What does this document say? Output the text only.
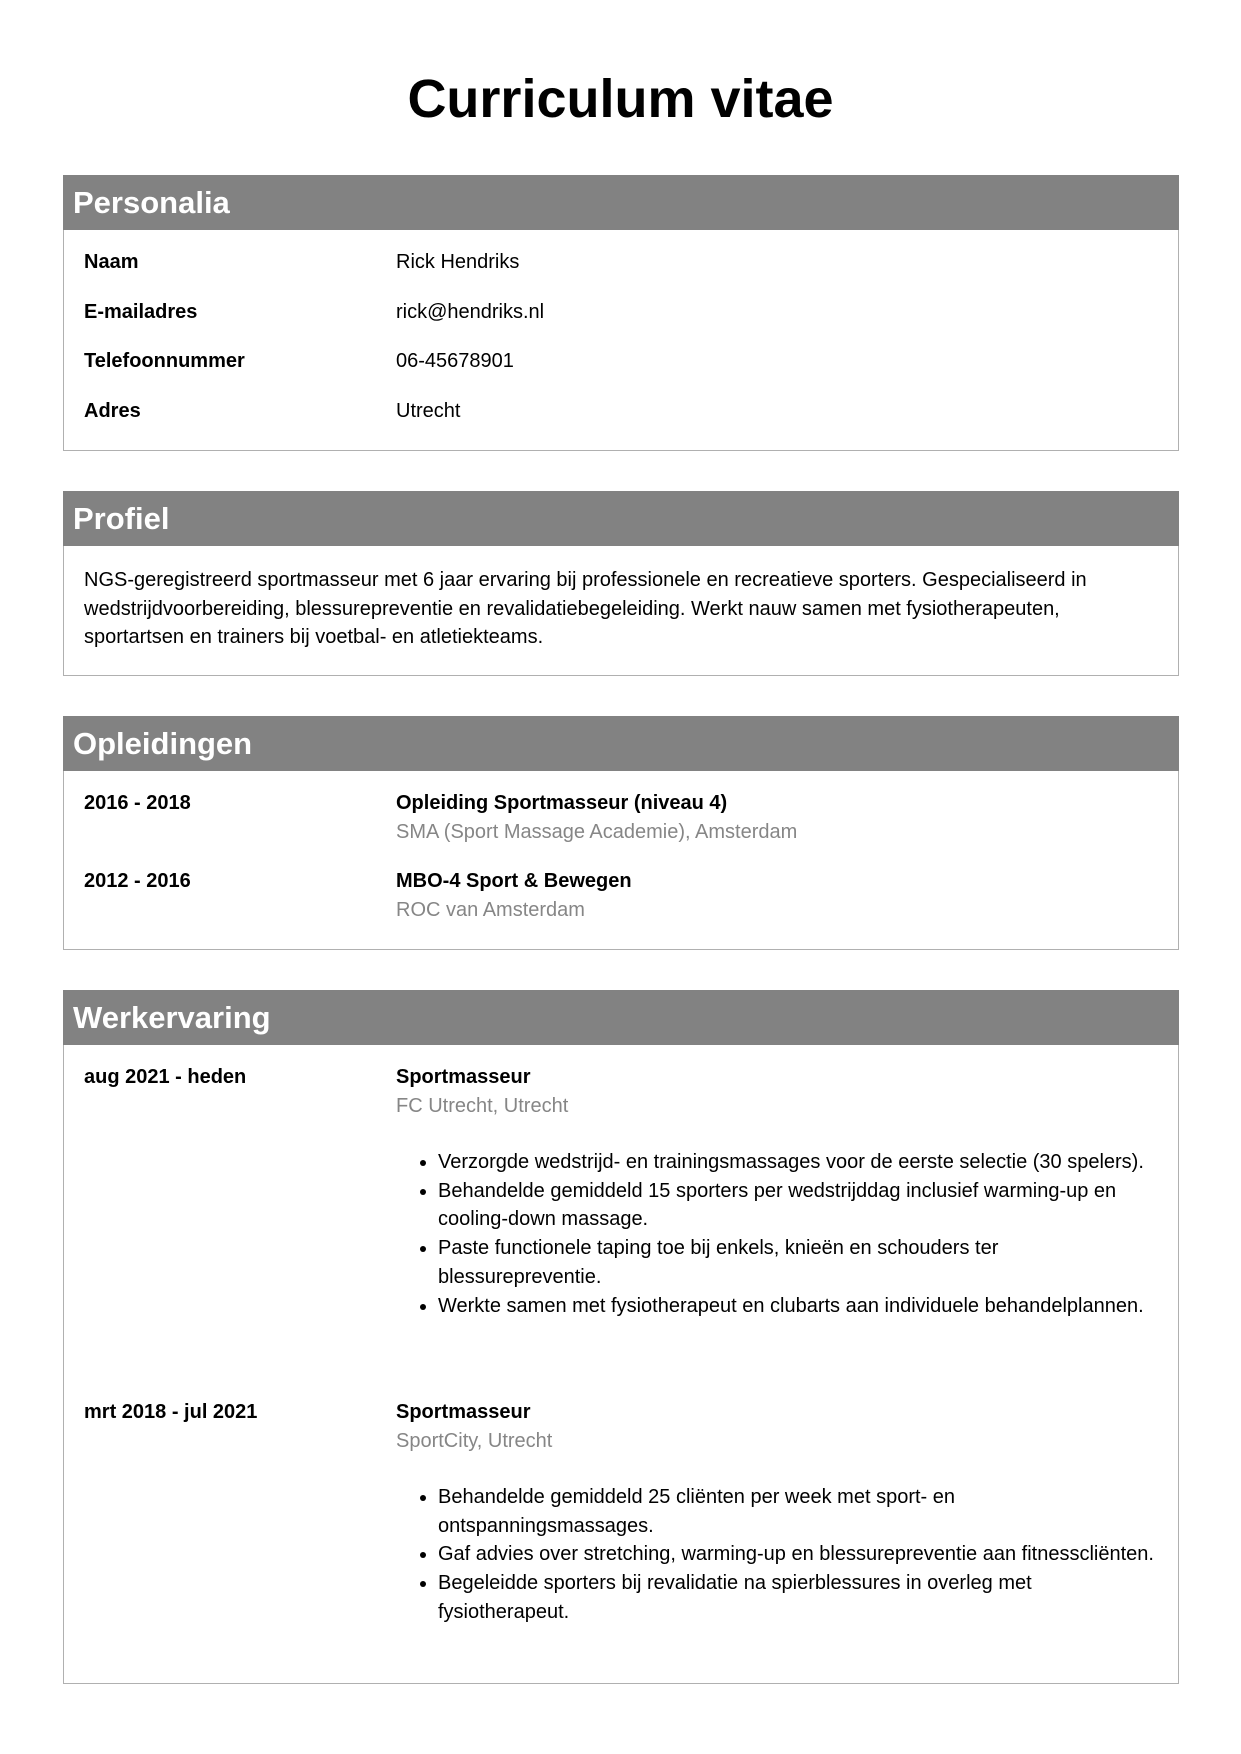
Curriculum vitae
Personalia
Naam	Rick Hendriks
E-mailadres	rick@hendriks.nl
Telefoonnummer	06-45678901
Adres	Utrecht
Profiel

NGS-geregistreerd sportmasseur met 6 jaar ervaring bij professionele en recreatieve sporters. Gespecialiseerd in wedstrijdvoorbereiding, blessurepreventie en revalidatiebegeleiding. Werkt nauw samen met fysiotherapeuten, sportartsen en trainers bij voetbal- en atletiekteams.

Opleidingen
2016 - 2018	Opleiding Sportmasseur (niveau 4)
SMA (Sport Massage Academie), Amsterdam
2012 - 2016	MBO-4 Sport & Bewegen
ROC van Amsterdam
Werkervaring
aug 2021 - heden	Sportmasseur
FC Utrecht, Utrecht
• Verzorgde wedstrijd- en trainingsmassages voor de eerste selectie (30 spelers).
• Behandelde gemiddeld 15 sporters per wedstrijddag inclusief warming-up en cooling-down massage.
• Paste functionele taping toe bij enkels, knieën en schouders ter blessurepreventie.
• Werkte samen met fysiotherapeut en clubarts aan individuele behandelplannen.
mrt 2018 - jul 2021	Sportmasseur
SportCity, Utrecht
• Behandelde gemiddeld 25 cliënten per week met sport- en ontspanningsmassages.
• Gaf advies over stretching, warming-up en blessurepreventie aan fitnesscliënten.
• Begeleidde sporters bij revalidatie na spierblessures in overleg met fysiotherapeut.
